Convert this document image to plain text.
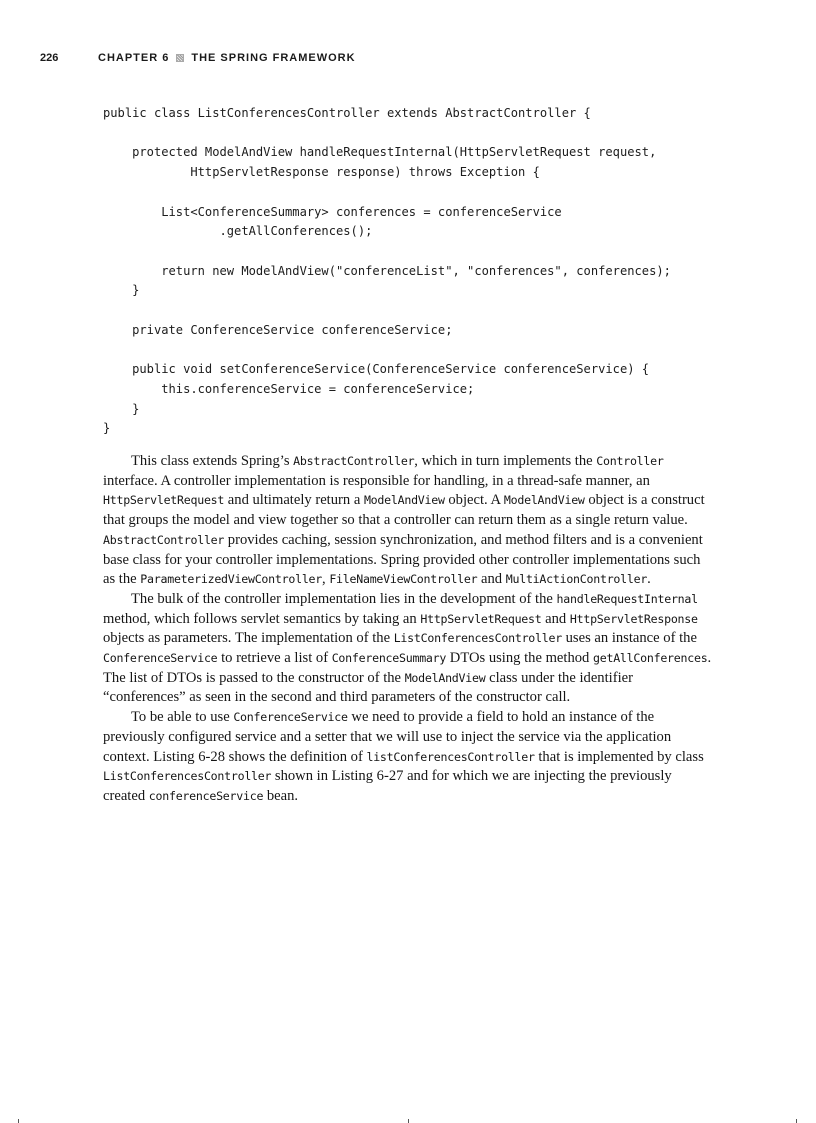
226	CHAPTER 6 THE SPRING FRAMEWORK
public class ListConferencesController extends AbstractController {

protected ModelAndView handleRequestInternal(HttpServletRequest request,
HttpServletResponse response) throws Exception {

List<ConferenceSummary> conferences = conferenceService
.getAllConferences();

return new ModelAndView("conferenceList", "conferences", conferences);
}

private ConferenceService conferenceService;

public void setConferenceService(ConferenceService conferenceService) {
this.conferenceService = conferenceService;
}
}

This class extends Spring’s AbstractController, which in turn implements the Controller interface. A controller implementation is responsible for handling, in a thread-safe manner, an HttpServletRequest and ultimately return a ModelAndView object. A ModelAndView object is a construct that groups the model and view together so that a controller can return them as a single return value. AbstractController provides caching, session synchronization, and method filters and is a convenient base class for your controller implementations. Spring provided other controller implementations such as the ParameterizedViewController, FileNameViewController and MultiActionController.

The bulk of the controller implementation lies in the development of the handleRequestInternal method, which follows servlet semantics by taking an HttpServletRequest and HttpServletResponse objects as parameters. The implementation of the ListConferencesController uses an instance of the ConferenceService to retrieve a list of ConferenceSummary DTOs using the method getAllConferences. The list of DTOs is passed to the constructor of the ModelAndView class under the identifier “conferences” as seen in the second and third parameters of the constructor call.

To be able to use ConferenceService we need to provide a field to hold an instance of the previously configured service and a setter that we will use to inject the service via the application context. Listing 6-28 shows the definition of listConferencesController that is implemented by class ListConferencesController shown in Listing 6-27 and for which we are injecting the previously created conferenceService bean.
